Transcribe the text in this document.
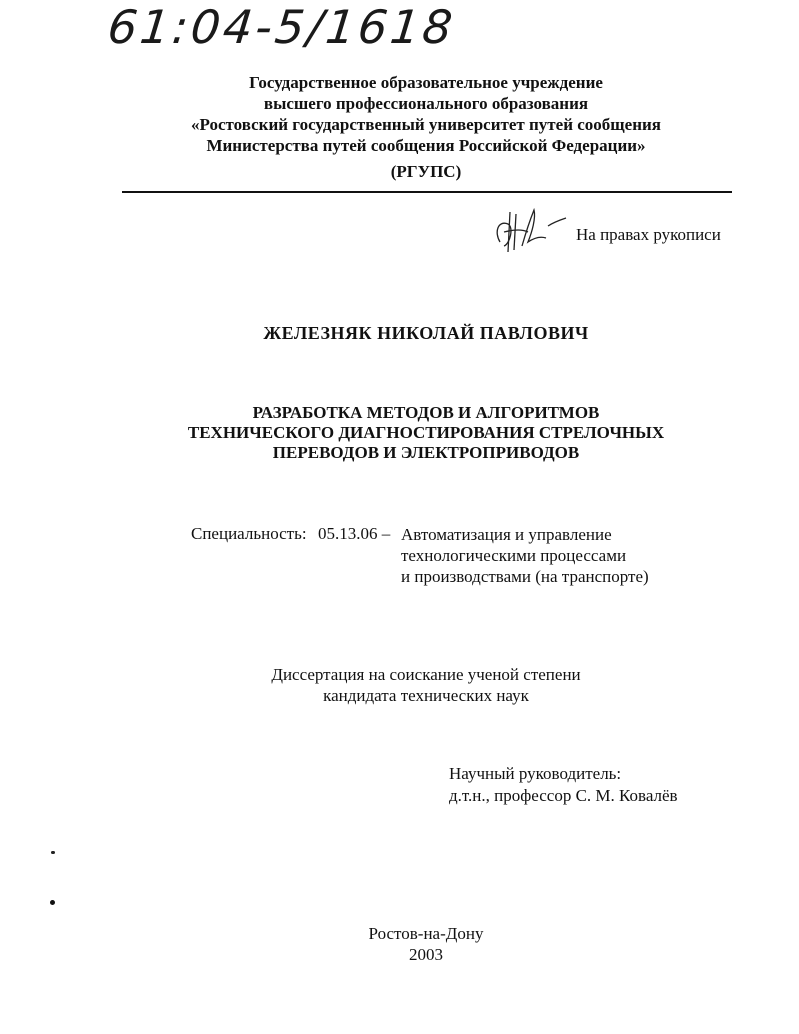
61:04-5/1618
Государственное образовательное учреждение
высшего профессионального образования
«Ростовский государственный университет путей сообщения
Министерства путей сообщения Российской Федерации»
(РГУПС)
На правах рукописи
ЖЕЛЕЗНЯК НИКОЛАЙ ПАВЛОВИЧ
РАЗРАБОТКА МЕТОДОВ И АЛГОРИТМОВ
ТЕХНИЧЕСКОГО ДИАГНОСТИРОВАНИЯ СТРЕЛОЧНЫХ
ПЕРЕВОДОВ И ЭЛЕКТРОПРИВОДОВ
Специальность: 05.13.06 – Автоматизация и управление
технологическими процессами
и производствами (на транспорте)
Диссертация на соискание ученой степени
кандидата технических наук
Научный руководитель:
д.т.н., профессор С. М. Ковалёв
Ростов-на-Дону
2003
